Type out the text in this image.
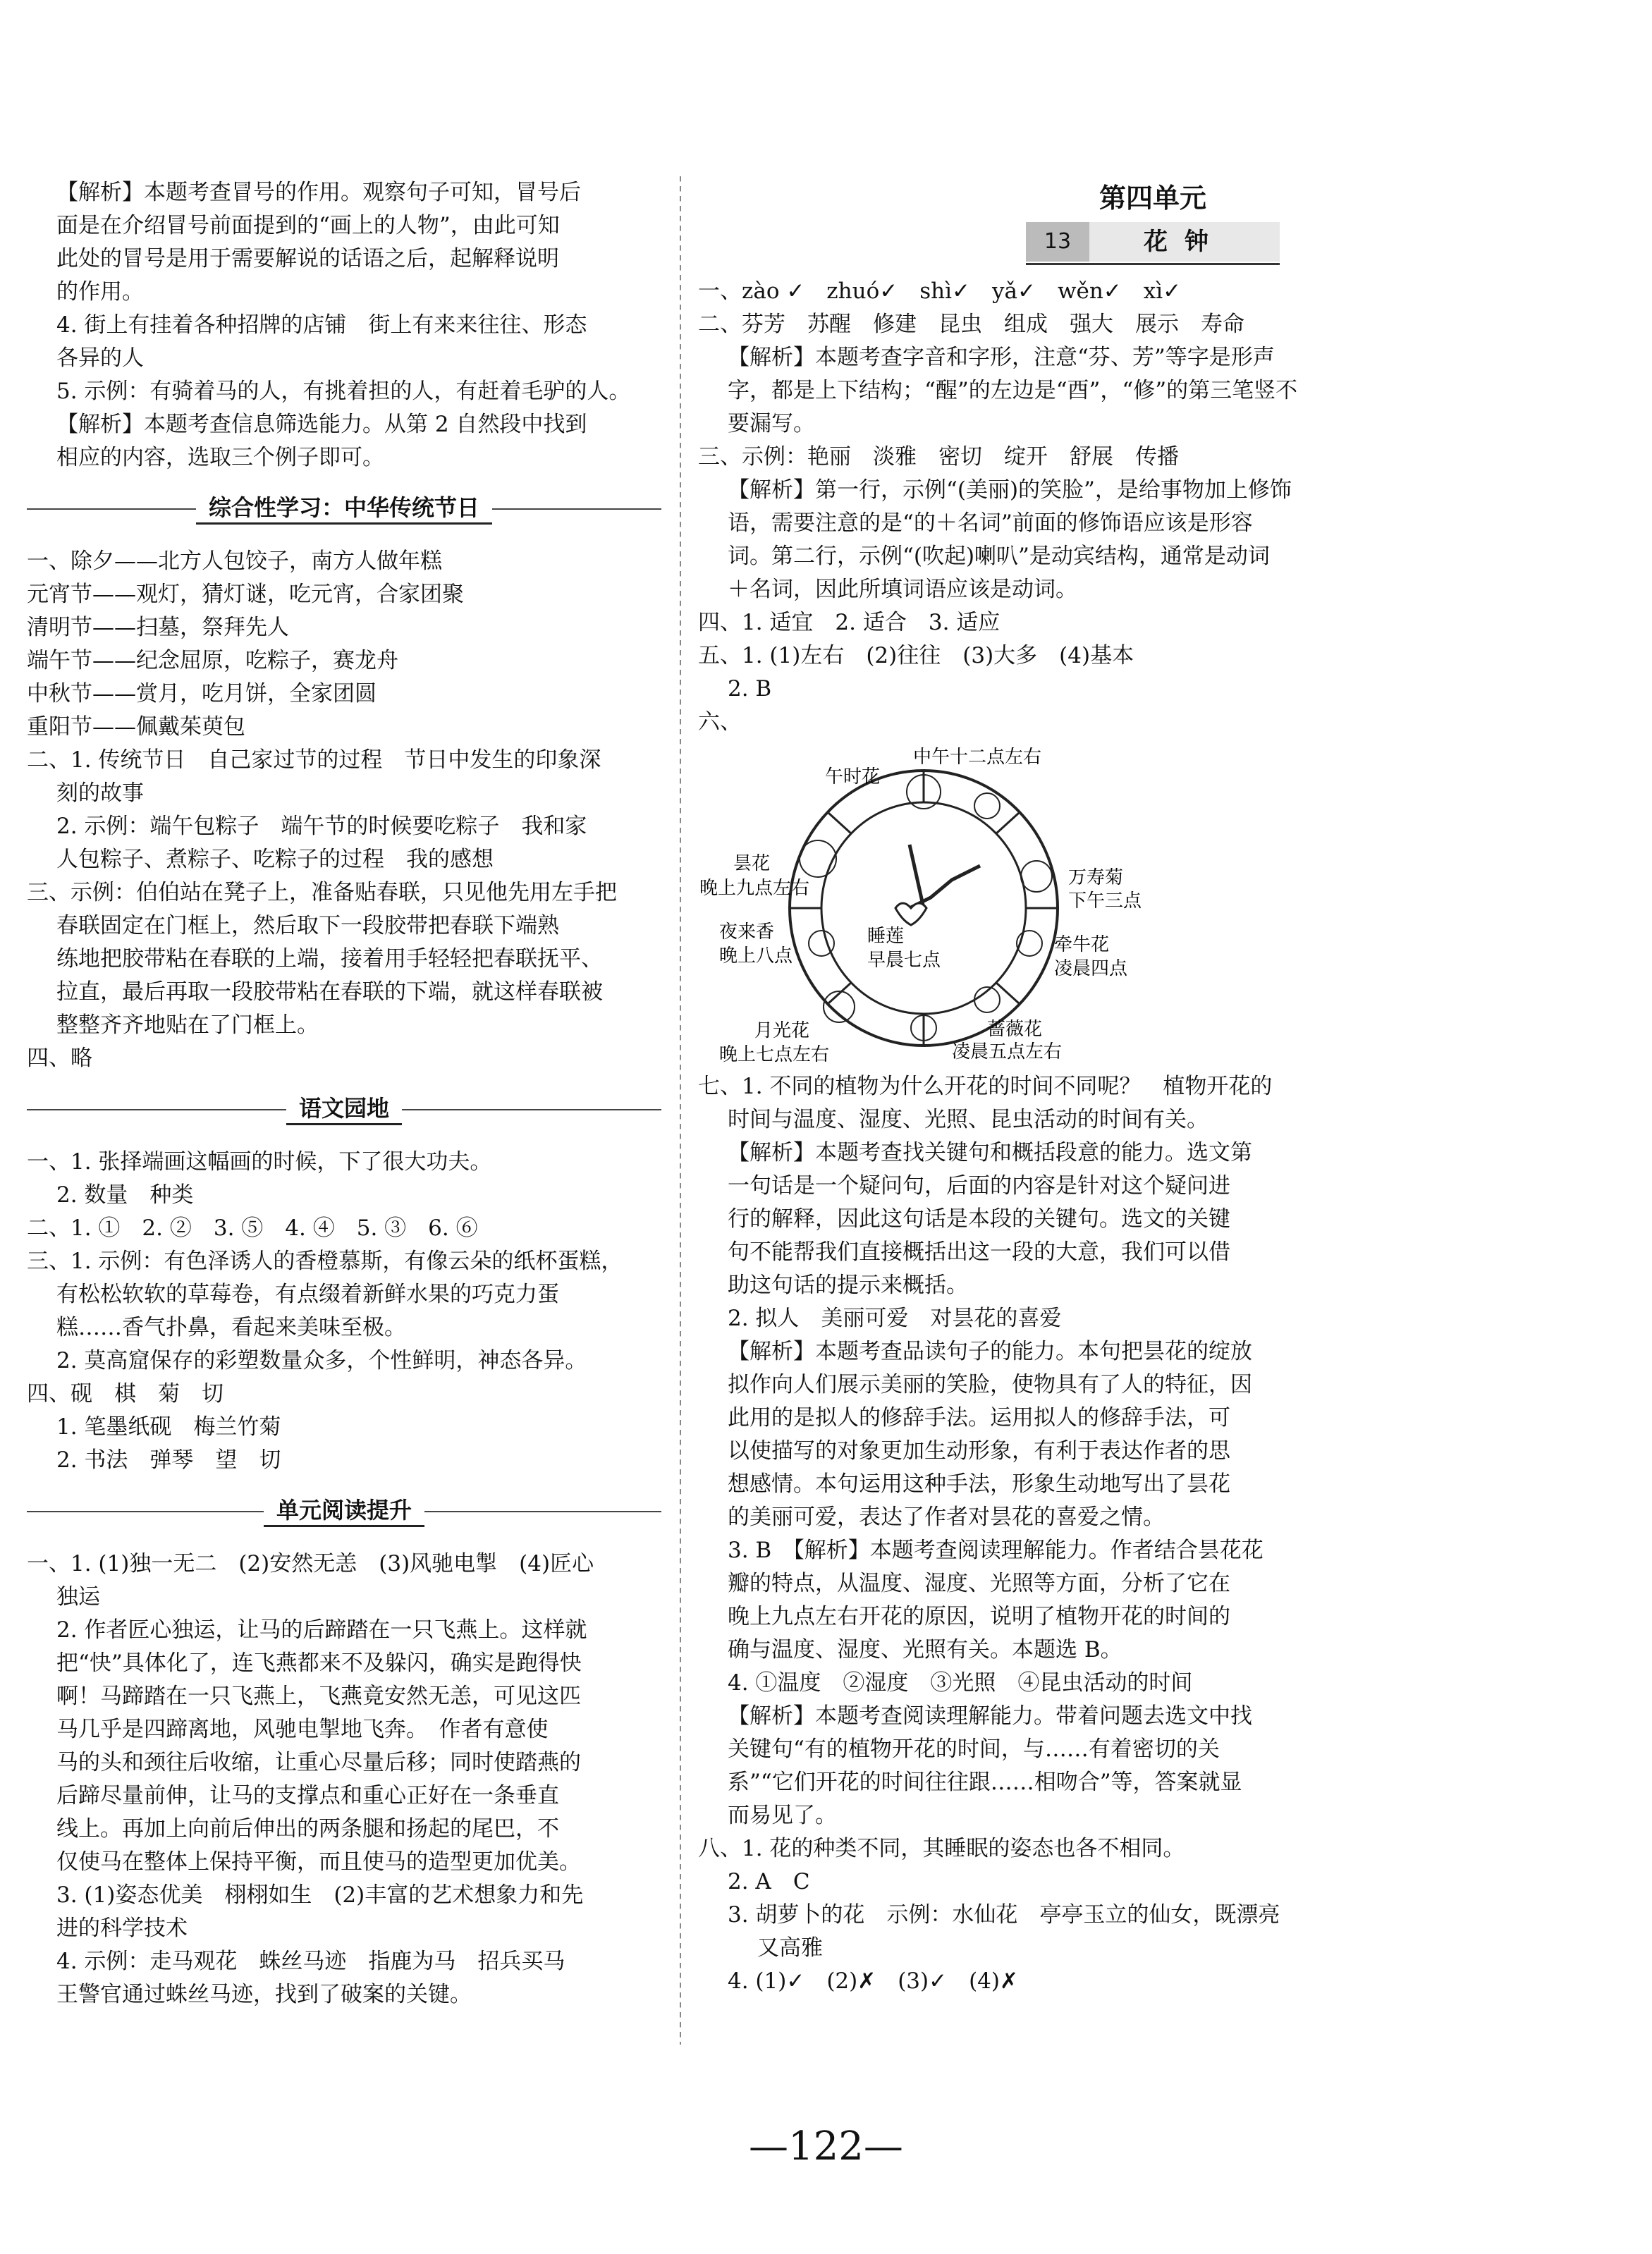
【解析】本题考查冒号的作用。观察句子可知，冒号后
面是在介绍冒号前面提到的“画上的人物”，由此可知
此处的冒号是用于需要解说的话语之后，起解释说明
的作用。
4. 街上有挂着各种招牌的店铺　街上有来来往往、形态
各异的人
5. 示例：有骑着马的人，有挑着担的人，有赶着毛驴的人。
【解析】本题考查信息筛选能力。从第 2 自然段中找到
相应的内容，选取三个例子即可。
综合性学习：中华传统节日
一、除夕——北方人包饺子，南方人做年糕
元宵节——观灯，猜灯谜，吃元宵，合家团聚
清明节——扫墓，祭拜先人
端午节——纪念屈原，吃粽子，赛龙舟
中秋节——赏月，吃月饼，全家团圆
重阳节——佩戴茱萸包
二、1. 传统节日　自己家过节的过程　节日中发生的印象深
刻的故事
2. 示例：端午包粽子　端午节的时候要吃粽子　我和家
人包粽子、煮粽子、吃粽子的过程　我的感想
三、示例：伯伯站在凳子上，准备贴春联，只见他先用左手把
春联固定在门框上，然后取下一段胶带把春联下端熟
练地把胶带粘在春联的上端，接着用手轻轻把春联抚平、
拉直，最后再取一段胶带粘在春联的下端，就这样春联被
整整齐齐地贴在了门框上。
四、略
语文园地
一、1. 张择端画这幅画的时候，下了很大功夫。
2. 数量　种类
二、1. ①　2. ②　3. ⑤　4. ④　5. ③　6. ⑥
三、1. 示例：有色泽诱人的香橙慕斯，有像云朵的纸杯蛋糕，
有松松软软的草莓卷，有点缀着新鲜水果的巧克力蛋
糕……香气扑鼻，看起来美味至极。
2. 莫高窟保存的彩塑数量众多，个性鲜明，神态各异。
四、砚　棋　菊　切
1. 笔墨纸砚　梅兰竹菊
2. 书法　弹琴　望　切
单元阅读提升
一、1. (1)独一无二　(2)安然无恙　(3)风驰电掣　(4)匠心
独运
2. 作者匠心独运，让马的后蹄踏在一只飞燕上。这样就
把“快”具体化了，连飞燕都来不及躲闪，确实是跑得快
啊！马蹄踏在一只飞燕上，飞燕竟安然无恙，可见这匹
马几乎是四蹄离地，风驰电掣地飞奔。　作者有意使
马的头和颈往后收缩，让重心尽量后移；同时使踏燕的
后蹄尽量前伸，让马的支撑点和重心正好在一条垂直
线上。再加上向前后伸出的两条腿和扬起的尾巴，不
仅使马在整体上保持平衡，而且使马的造型更加优美。
3. (1)姿态优美　栩栩如生　(2)丰富的艺术想象力和先
进的科学技术
4. 示例：走马观花　蛛丝马迹　指鹿为马　招兵买马
王警官通过蛛丝马迹，找到了破案的关键。
第四单元
13	花钟
一、zào ✓　zhuó✓　shì✓　yǎ✓　wěn✓　xì✓
二、芬芳　苏醒　修建　昆虫　组成　强大　展示　寿命
【解析】本题考查字音和字形，注意“芬、芳”等字是形声
字，都是上下结构；“醒”的左边是“酉”，“修”的第三笔竖不
要漏写。
三、示例：艳丽　淡雅　密切　绽开　舒展　传播
【解析】第一行，示例“(美丽)的笑脸”，是给事物加上修饰
语，需要注意的是“的＋名词”前面的修饰语应该是形容
词。第二行，示例“(吹起)喇叭”是动宾结构，通常是动词
＋名词，因此所填词语应该是动词。
四、1. 适宜　2. 适合　3. 适应
五、1. (1)左右　(2)往往　(3)大多　(4)基本
2. B
六、
中午十二点左右
午时花
昙花
晚上九点左右	万寿菊
下午三点
夜来香
晚上八点
睡莲
早晨七点
牵牛花
凌晨四点
蔷薇花
凌晨五点左右
月光花
晚上七点左右
七、1. 不同的植物为什么开花的时间不同呢？　植物开花的
时间与温度、湿度、光照、昆虫活动的时间有关。
【解析】本题考查找关键句和概括段意的能力。选文第
一句话是一个疑问句，后面的内容是针对这个疑问进
行的解释，因此这句话是本段的关键句。选文的关键
句不能帮我们直接概括出这一段的大意，我们可以借
助这句话的提示来概括。
2. 拟人　美丽可爱　对昙花的喜爱
【解析】本题考查品读句子的能力。本句把昙花的绽放
拟作向人们展示美丽的笑脸，使物具有了人的特征，因
此用的是拟人的修辞手法。运用拟人的修辞手法，可
以使描写的对象更加生动形象，有利于表达作者的思
想感情。本句运用这种手法，形象生动地写出了昙花
的美丽可爱，表达了作者对昙花的喜爱之情。
3. B　【解析】本题考查阅读理解能力。作者结合昙花花
瓣的特点，从温度、湿度、光照等方面，分析了它在
晚上九点左右开花的原因，说明了植物开花的时间的
确与温度、湿度、光照有关。本题选 B。
4. ①温度　②湿度　③光照　④昆虫活动的时间
【解析】本题考查阅读理解能力。带着问题去选文中找
关键句“有的植物开花的时间，与……有着密切的关
系”“它们开花的时间往往跟……相吻合”等，答案就显
而易见了。
八、1. 花的种类不同，其睡眠的姿态也各不相同。
2. A　C
3. 胡萝卜的花　示例：水仙花　亭亭玉立的仙女，既漂亮
又高雅
4. (1)✓　(2)✗　(3)✓　(4)✗
—122—
